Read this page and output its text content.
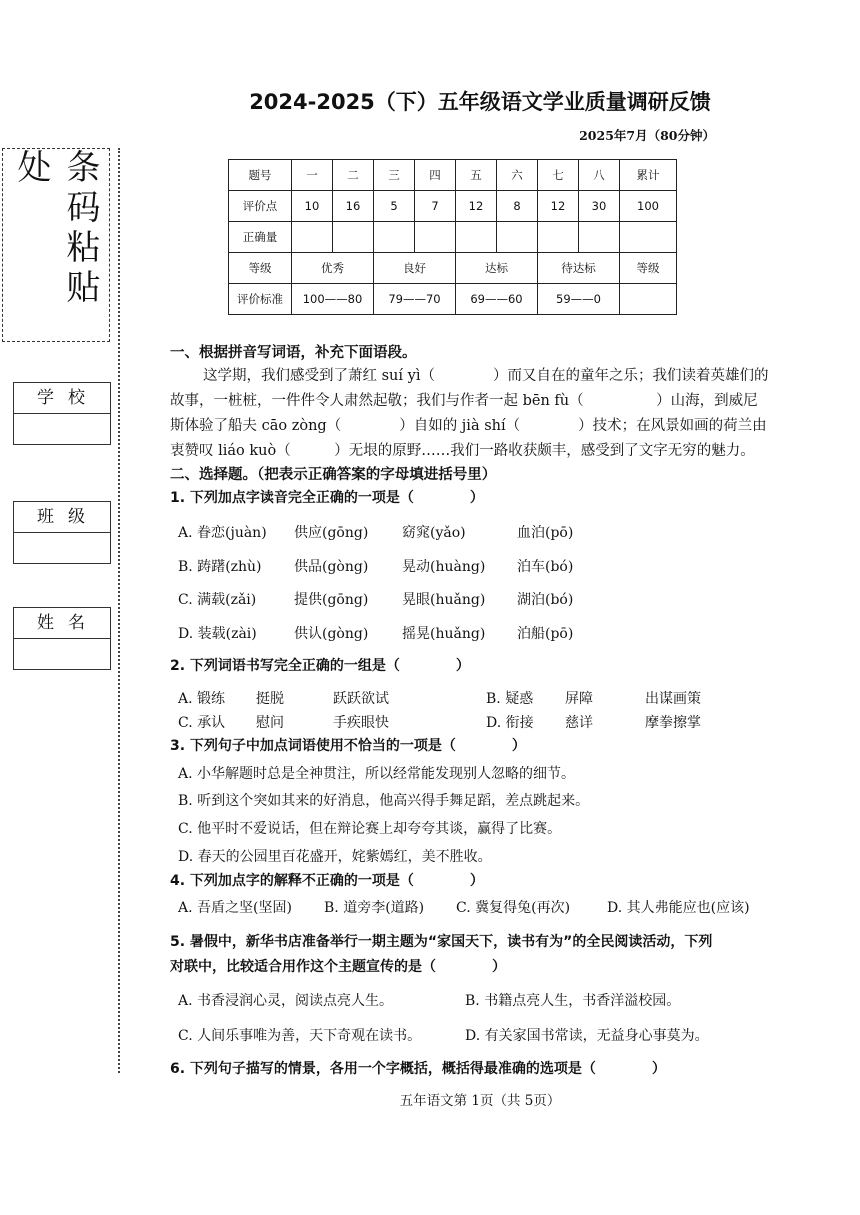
条码粘贴处
学校
班级
姓名
2024-2025（下）五年级语文学业质量调研反馈
2025年7月（80分钟）
题号	一	二	三	四	五	六	七	八	累计
评价点	10	16	5	7	12	8	12	30	100
正确量									
等级	优秀		良好		达标		待达标		等级
评价标准	100——80		79——70		69——60		59——0		
一、根据拼音写词语，补充下面语段。
这学期，我们感受到了萧红 suí yì（　　　　）而又自在的童年之乐；我们读着英雄们的
故事，一桩桩，一件件令人肃然起敬；我们与作者一起 bēn fù（　　　　　）山海，到威尼
斯体验了船夫 cāo zòng（　　　　）自如的 jià shí（　　　　）技术；在风景如画的荷兰由
衷赞叹 liáo kuò（　　　）无垠的原野……我们一路收获颇丰，感受到了文字无穷的魅力。
二、选择题。（把表示正确答案的字母填进括号里）
1. 下列加点字读音完全正确的一项是（　　　　）
A. 眷恋(juàn) 供应(gōng) 窈窕(yǎo)	血泊(pō)
B. 踌躇(zhù) 供品(gòng) 晃动(huàng) 泊车(bó)
C. 满载(zǎi)	提供(gōng) 晃眼(huǎng) 湖泊(bó)
D. 装载(zài)	供认(gòng) 摇晃(huǎng) 泊船(pō)
2. 下列词语书写完全正确的一组是（　　　　）
A. 锻练 挺脱	跃跃欲试	B. 疑惑 屏障	出谋画策
C. 承认 慰问	手疾眼快	D. 衔接 慈详	摩拳擦掌
3. 下列句子中加点词语使用不恰当的一项是（　　　　）
A. 小华解题时总是全神贯注，所以经常能发现别人忽略的细节。
B. 听到这个突如其来的好消息，他高兴得手舞足蹈，差点跳起来。
C. 他平时不爱说话，但在辩论赛上却夸夸其谈，赢得了比赛。
D. 春天的公园里百花盛开，姹紫嫣红，美不胜收。
4. 下列加点字的解释不正确的一项是（　　　　）
A. 吾盾之坚(坚固) B. 道旁李(道路) C. 冀复得兔(再次)	D. 其人弗能应也(应该)
5. 暑假中，新华书店准备举行一期主题为“家国天下，读书有为”的全民阅读活动，下列
对联中，比较适合用作这个主题宣传的是（　　　　）
A. 书香浸润心灵，阅读点亮人生。	B. 书籍点亮人生，书香洋溢校园。
C. 人间乐事唯为善，天下奇观在读书。	D. 有关家国书常读，无益身心事莫为。
6. 下列句子描写的情景，各用一个字概括，概括得最准确的选项是（　　　　）
五年语文第 1页（共 5页）
